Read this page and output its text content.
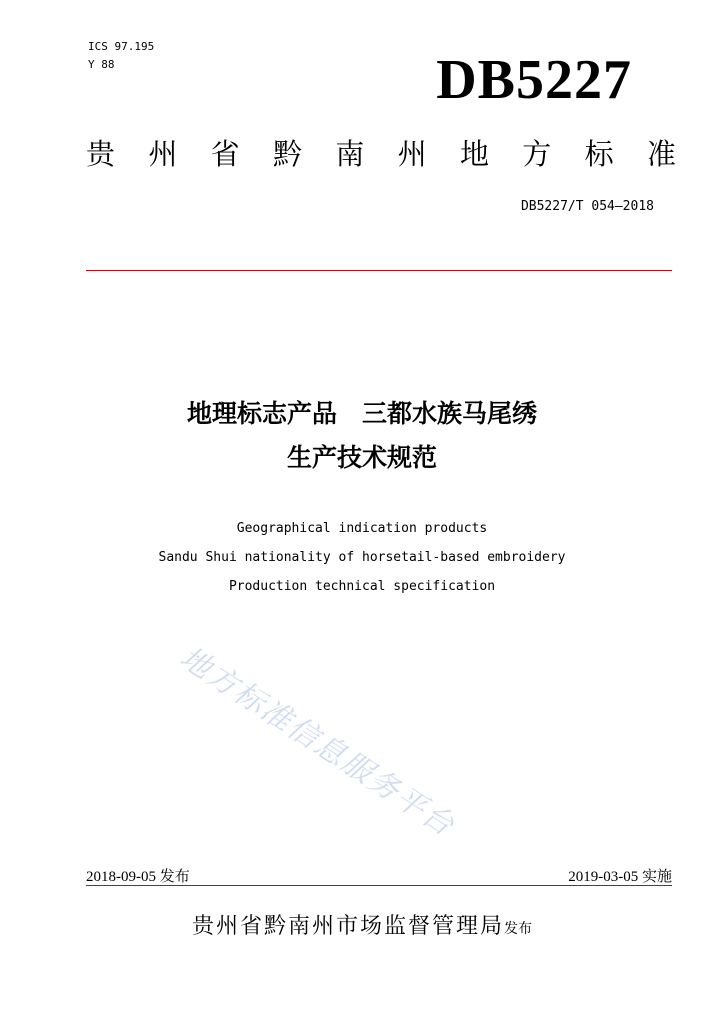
ICS 97.195
Y 88	DB5227
贵 州 省 黔 南 州 地 方 标 准
DB5227/T 054—2018
地理标志产品　三都水族马尾绣
生产技术规范
Geographical indication products
Sandu Shui nationality of horsetail-based embroidery
Production technical specification
地方标准信息服务平台
2018-09-05 发布	2019-03-05 实施
贵州省黔南州市场监督管理局发布
